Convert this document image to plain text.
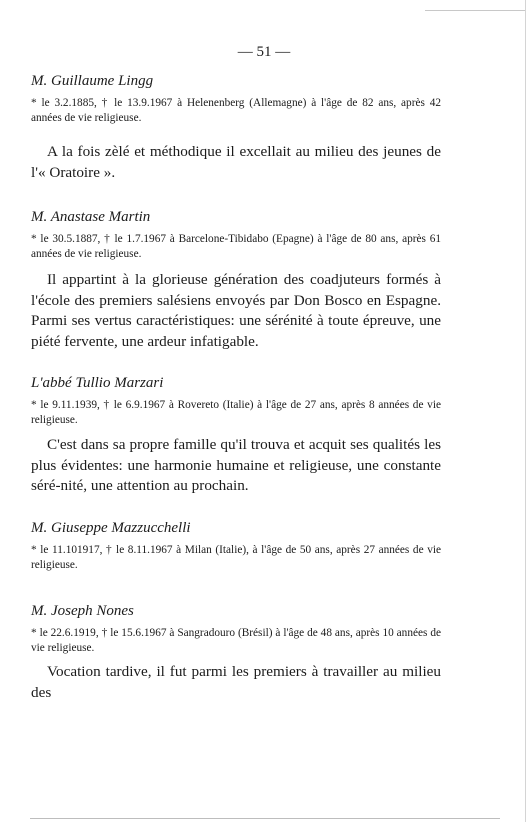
— 51 —

M. Guillaume Lingg

* le 3.2.1885, † le 13.9.1967 à Helenenberg (Allemagne) à l'âge de 82 ans, après 42 années de vie religieuse.

A la fois zèlé et méthodique il excellait au milieu des jeunes de l'« Oratoire ».

M. Anastase Martin

* le 30.5.1887, † le 1.7.1967 à Barcelone-Tibidabo (Epagne) à l'âge de 80 ans, après 61 années de vie religieuse.

Il appartint à la glorieuse génération des coadjuteurs formés à l'école des premiers salésiens envoyés par Don Bosco en Espagne. Parmi ses vertus caractéristiques: une sérénité à toute épreuve, une piété fervente, une ardeur infatigable.

L'abbé Tullio Marzari

* le 9.11.1939, † le 6.9.1967 à Rovereto (Italie) à l'âge de 27 ans, après 8 années de vie religieuse.

C'est dans sa propre famille qu'il trouva et acquit ses qualités les plus évidentes: une harmonie humaine et religieuse, une constante séré-nité, une attention au prochain.

M. Giuseppe Mazzucchelli

* le 11.101917, † le 8.11.1967 à Milan (Italie), à l'âge de 50 ans, après 27 années de vie religieuse.

M. Joseph Nones

* le 22.6.1919, † le 15.6.1967 à Sangradouro (Brésil) à l'âge de 48 ans, après 10 années de vie religieuse.

Vocation tardive, il fut parmi les premiers à travailler au milieu des
